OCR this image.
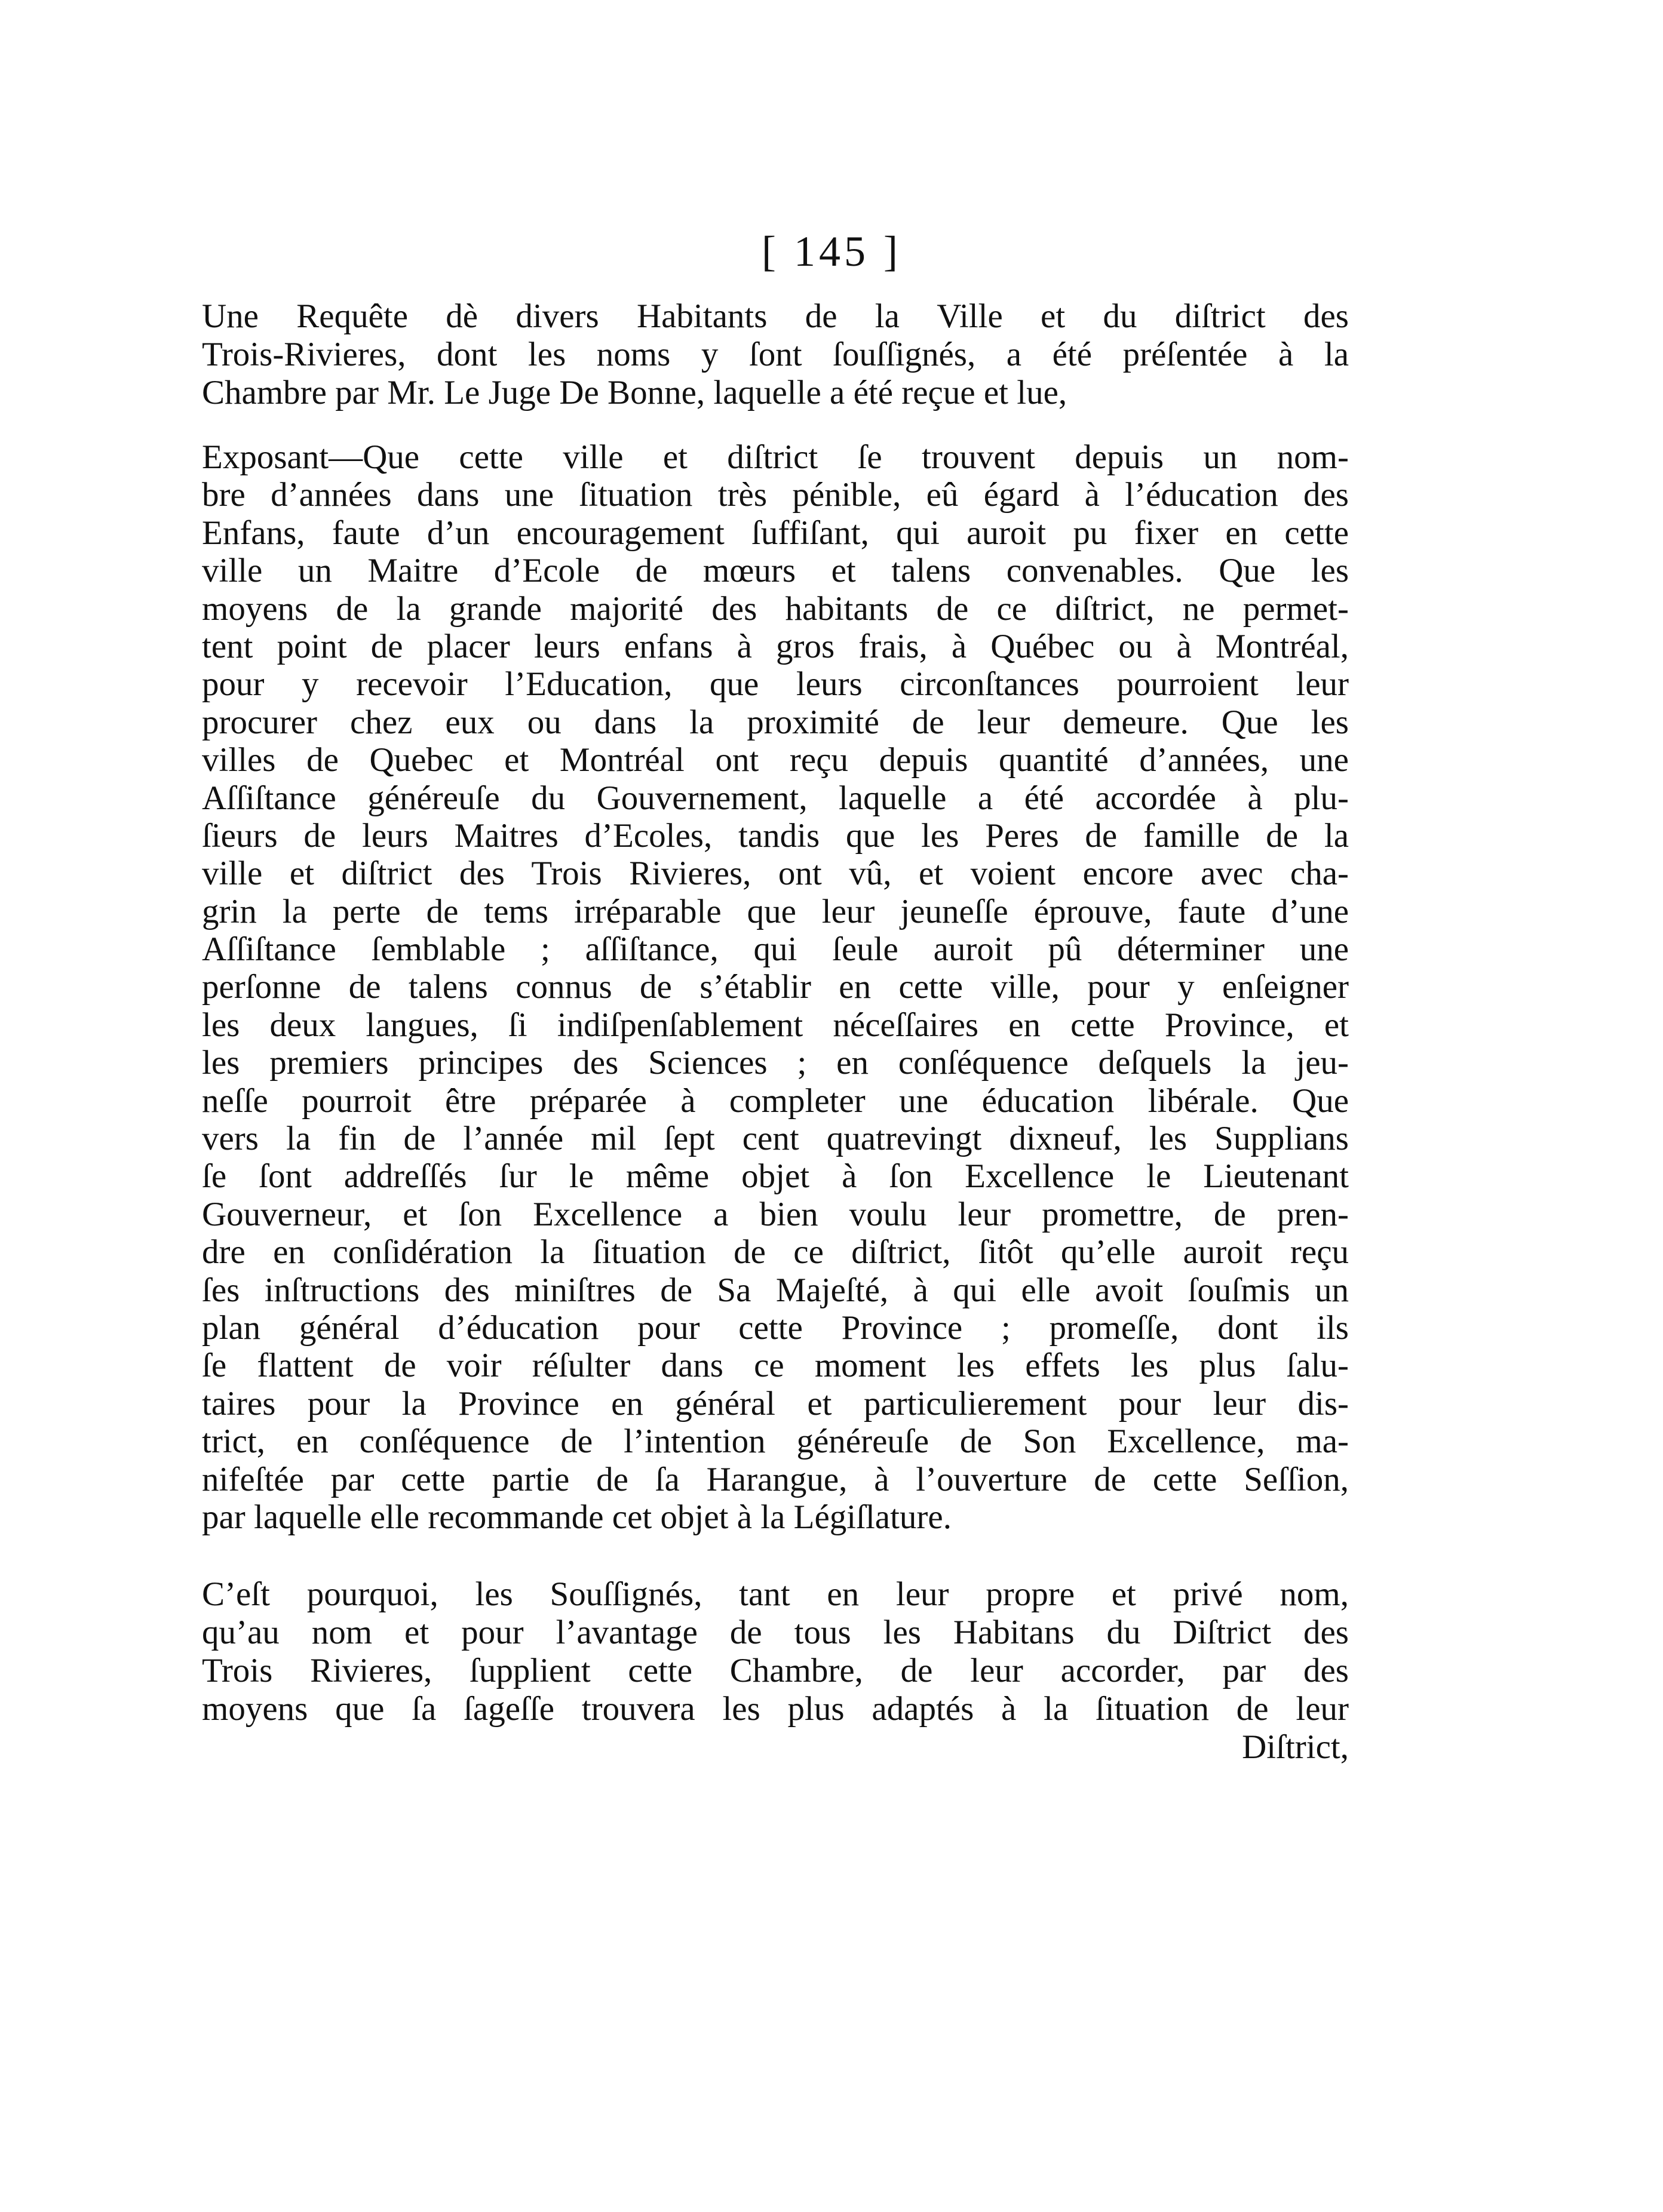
[ 145 ]
Une Requête dè divers Habitants de la Ville et du diſtrict des
Trois-Rivieres, dont les noms y ſont ſouſſignés, a été préſentée à la
Chambre par Mr. Le Juge De Bonne, laquelle a été reçue et lue,
Exposant—Que cette ville et diſtrict ſe trouvent depuis un nom-
bre d’années dans une ſituation très pénible, eû égard à l’éducation des
Enfans, faute d’un encouragement ſuffiſant, qui auroit pu fixer en cette
ville un Maitre d’Ecole de mœurs et talens convenables. Que les
moyens de la grande majorité des habitants de ce diſtrict, ne permet-
tent point de placer leurs enfans à gros frais, à Québec ou à Montréal,
pour y recevoir l’Education, que leurs circonſtances pourroient leur
procurer chez eux ou dans la proximité de leur demeure. Que les
villes de Quebec et Montréal ont reçu depuis quantité d’années, une
Aſſiſtance généreuſe du Gouvernement, laquelle a été accordée à plu-
ſieurs de leurs Maitres d’Ecoles, tandis que les Peres de famille de la
ville et diſtrict des Trois Rivieres, ont vû, et voient encore avec cha-
grin la perte de tems irréparable que leur jeuneſſe éprouve, faute d’une
Aſſiſtance ſemblable ; aſſiſtance, qui ſeule auroit pû déterminer une
perſonne de talens connus de s’établir en cette ville, pour y enſeigner
les deux langues, ſi indiſpenſablement néceſſaires en cette Province, et
les premiers principes des Sciences ; en conſéquence deſquels la jeu-
neſſe pourroit être préparée à completer une éducation libérale. Que
vers la fin de l’année mil ſept cent quatrevingt dixneuf, les Supplians
ſe ſont addreſſés ſur le même objet à ſon Excellence le Lieutenant
Gouverneur, et ſon Excellence a bien voulu leur promettre, de pren-
dre en conſidération la ſituation de ce diſtrict, ſitôt qu’elle auroit reçu
ſes inſtructions des miniſtres de Sa Majeſté, à qui elle avoit ſouſmis un
plan général d’éducation pour cette Province ; promeſſe, dont ils
ſe flattent de voir réſulter dans ce moment les effets les plus ſalu-
taires pour la Province en général et particulierement pour leur dis-
trict, en conſéquence de l’intention généreuſe de Son Excellence, ma-
nifeſtée par cette partie de ſa Harangue, à l’ouverture de cette Seſſion,
par laquelle elle recommande cet objet à la Légiſlature.
C’eſt pourquoi, les Souſſignés, tant en leur propre et privé nom,
qu’au nom et pour l’avantage de tous les Habitans du Diſtrict des
Trois Rivieres, ſupplient cette Chambre, de leur accorder, par des
moyens que ſa ſageſſe trouvera les plus adaptés à la ſituation de leur
Diſtrict,
